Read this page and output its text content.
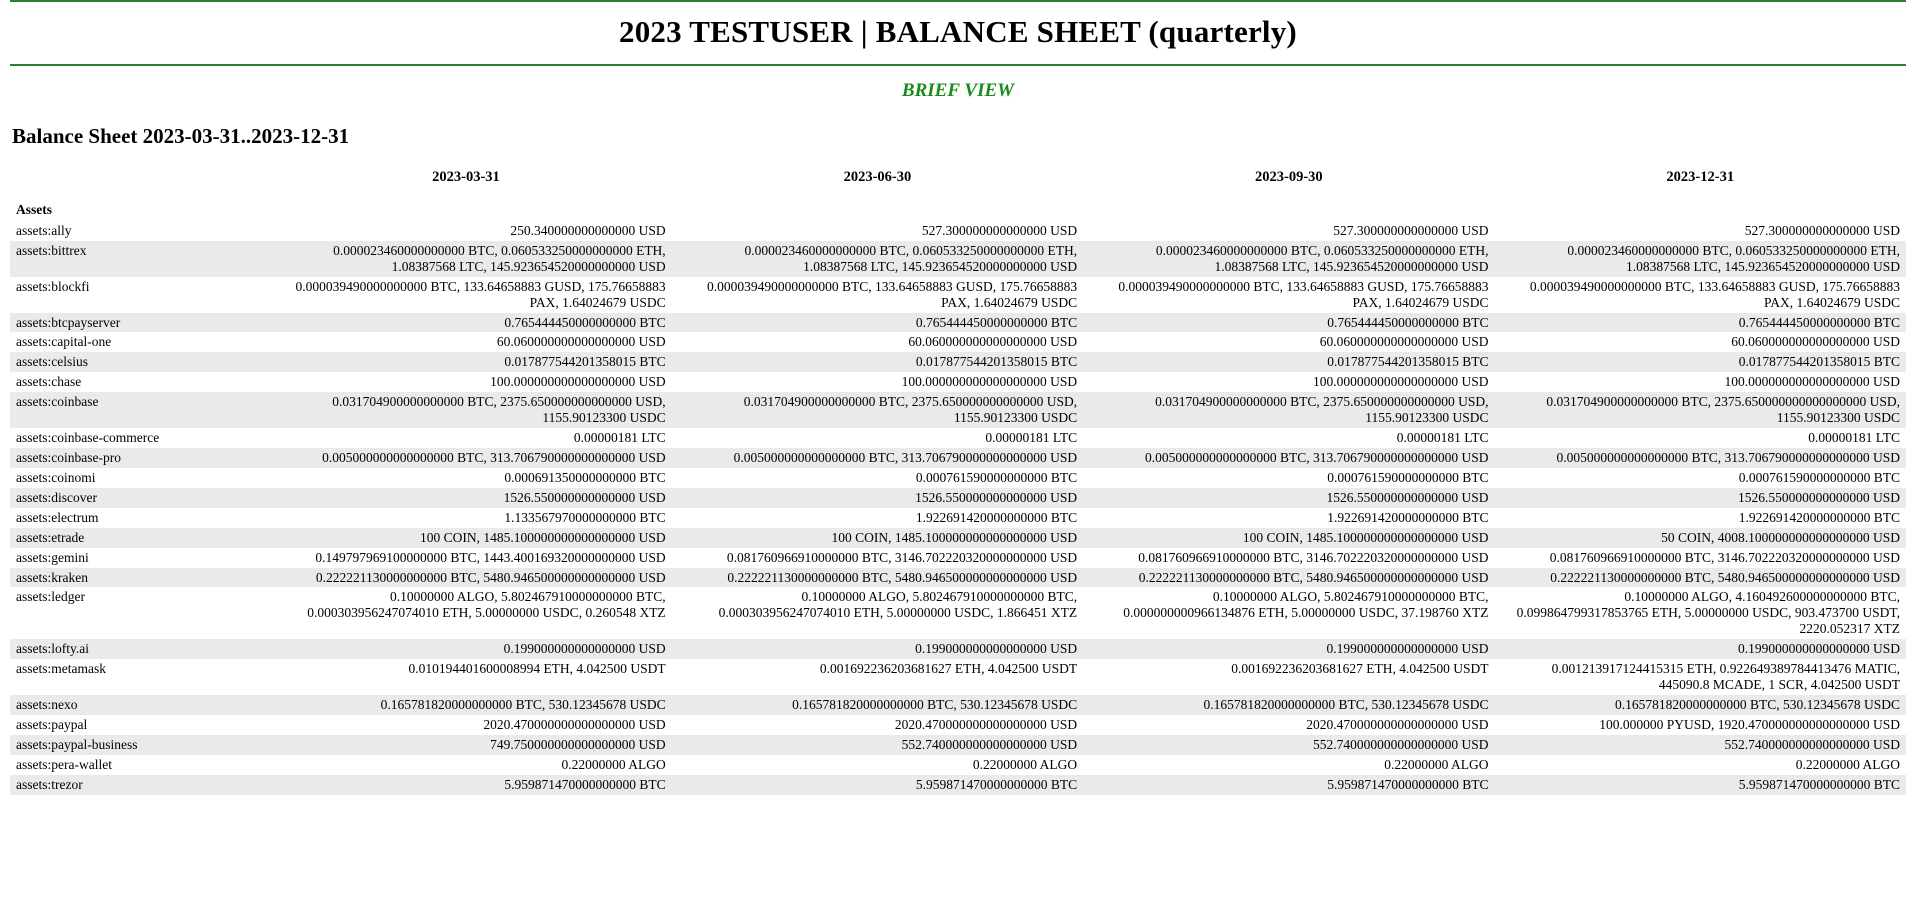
2023 TESTUSER | BALANCE SHEET (quarterly)
BRIEF VIEW
Balance Sheet 2023-03-31..2023-12-31
	2023-03-31	2023-06-30	2023-09-30	2023-12-31
Assets				
assets:ally	250.340000000000000 USD	527.300000000000000 USD	527.300000000000000 USD	527.300000000000000 USD
assets:bittrex	0.000023460000000000 BTC, 0.060533250000000000 ETH, 1.08387568 LTC, 145.923654520000000000 USD	0.000023460000000000 BTC, 0.060533250000000000 ETH, 1.08387568 LTC, 145.923654520000000000 USD	0.000023460000000000 BTC, 0.060533250000000000 ETH, 1.08387568 LTC, 145.923654520000000000 USD	0.000023460000000000 BTC, 0.060533250000000000 ETH, 1.08387568 LTC, 145.923654520000000000 USD
assets:blockfi	0.000039490000000000 BTC, 133.64658883 GUSD, 175.76658883 PAX, 1.64024679 USDC	0.000039490000000000 BTC, 133.64658883 GUSD, 175.76658883 PAX, 1.64024679 USDC	0.000039490000000000 BTC, 133.64658883 GUSD, 175.76658883 PAX, 1.64024679 USDC	0.000039490000000000 BTC, 133.64658883 GUSD, 175.76658883 PAX, 1.64024679 USDC
assets:btcpayserver	0.765444450000000000 BTC	0.765444450000000000 BTC	0.765444450000000000 BTC	0.765444450000000000 BTC
assets:capital-one	60.060000000000000000 USD	60.060000000000000000 USD	60.060000000000000000 USD	60.060000000000000000 USD
assets:celsius	0.017877544201358015 BTC	0.017877544201358015 BTC	0.017877544201358015 BTC	0.017877544201358015 BTC
assets:chase	100.000000000000000000 USD	100.000000000000000000 USD	100.000000000000000000 USD	100.000000000000000000 USD
assets:coinbase	0.031704900000000000 BTC, 2375.650000000000000 USD, 1155.90123300 USDC	0.031704900000000000 BTC, 2375.650000000000000 USD, 1155.90123300 USDC	0.031704900000000000 BTC, 2375.650000000000000 USD, 1155.90123300 USDC	0.031704900000000000 BTC, 2375.650000000000000000 USD, 1155.90123300 USDC
assets:coinbase-commerce	0.00000181 LTC	0.00000181 LTC	0.00000181 LTC	0.00000181 LTC
assets:coinbase-pro	0.005000000000000000 BTC, 313.706790000000000000 USD	0.005000000000000000 BTC, 313.706790000000000000 USD	0.005000000000000000 BTC, 313.706790000000000000 USD	0.005000000000000000 BTC, 313.706790000000000000 USD
assets:coinomi	0.000691350000000000 BTC	0.000761590000000000 BTC	0.000761590000000000 BTC	0.000761590000000000 BTC
assets:discover	1526.550000000000000 USD	1526.550000000000000 USD	1526.550000000000000 USD	1526.550000000000000 USD
assets:electrum	1.133567970000000000 BTC	1.922691420000000000 BTC	1.922691420000000000 BTC	1.922691420000000000 BTC
assets:etrade	100 COIN, 1485.100000000000000000 USD	100 COIN, 1485.100000000000000000 USD	100 COIN, 1485.100000000000000000 USD	50 COIN, 4008.100000000000000000 USD
assets:gemini	0.149797969100000000 BTC, 1443.400169320000000000 USD	0.081760966910000000 BTC, 3146.702220320000000000 USD	0.081760966910000000 BTC, 3146.702220320000000000 USD	0.081760966910000000 BTC, 3146.702220320000000000 USD
assets:kraken	0.222221130000000000 BTC, 5480.946500000000000000 USD	0.222221130000000000 BTC, 5480.946500000000000000 USD	0.222221130000000000 BTC, 5480.946500000000000000 USD	0.222221130000000000 BTC, 5480.946500000000000000 USD
assets:ledger	0.10000000 ALGO, 5.802467910000000000 BTC, 0.000303956247074010 ETH, 5.00000000 USDC, 0.260548 XTZ	0.10000000 ALGO, 5.802467910000000000 BTC, 0.000303956247074010 ETH, 5.00000000 USDC, 1.866451 XTZ	0.10000000 ALGO, 5.802467910000000000 BTC, 0.000000000966134876 ETH, 5.00000000 USDC, 37.198760 XTZ	0.10000000 ALGO, 4.160492600000000000 BTC, 0.099864799317853765 ETH, 5.00000000 USDC, 903.473700 USDT, 2220.052317 XTZ
assets:lofty.ai	0.199000000000000000 USD	0.199000000000000000 USD	0.199000000000000000 USD	0.199000000000000000 USD
assets:metamask	0.010194401600008994 ETH, 4.042500 USDT	0.001692236203681627 ETH, 4.042500 USDT	0.001692236203681627 ETH, 4.042500 USDT	0.001213917124415315 ETH, 0.922649389784413476 MATIC, 445090.8 MCADE, 1 SCR, 4.042500 USDT
assets:nexo	0.165781820000000000 BTC, 530.12345678 USDC	0.165781820000000000 BTC, 530.12345678 USDC	0.165781820000000000 BTC, 530.12345678 USDC	0.165781820000000000 BTC, 530.12345678 USDC
assets:paypal	2020.470000000000000000 USD	2020.470000000000000000 USD	2020.470000000000000000 USD	100.000000 PYUSD, 1920.470000000000000000 USD
assets:paypal-business	749.750000000000000000 USD	552.740000000000000000 USD	552.740000000000000000 USD	552.740000000000000000 USD
assets:pera-wallet	0.22000000 ALGO	0.22000000 ALGO	0.22000000 ALGO	0.22000000 ALGO
assets:trezor	5.959871470000000000 BTC	5.959871470000000000 BTC	5.959871470000000000 BTC	5.959871470000000000 BTC
